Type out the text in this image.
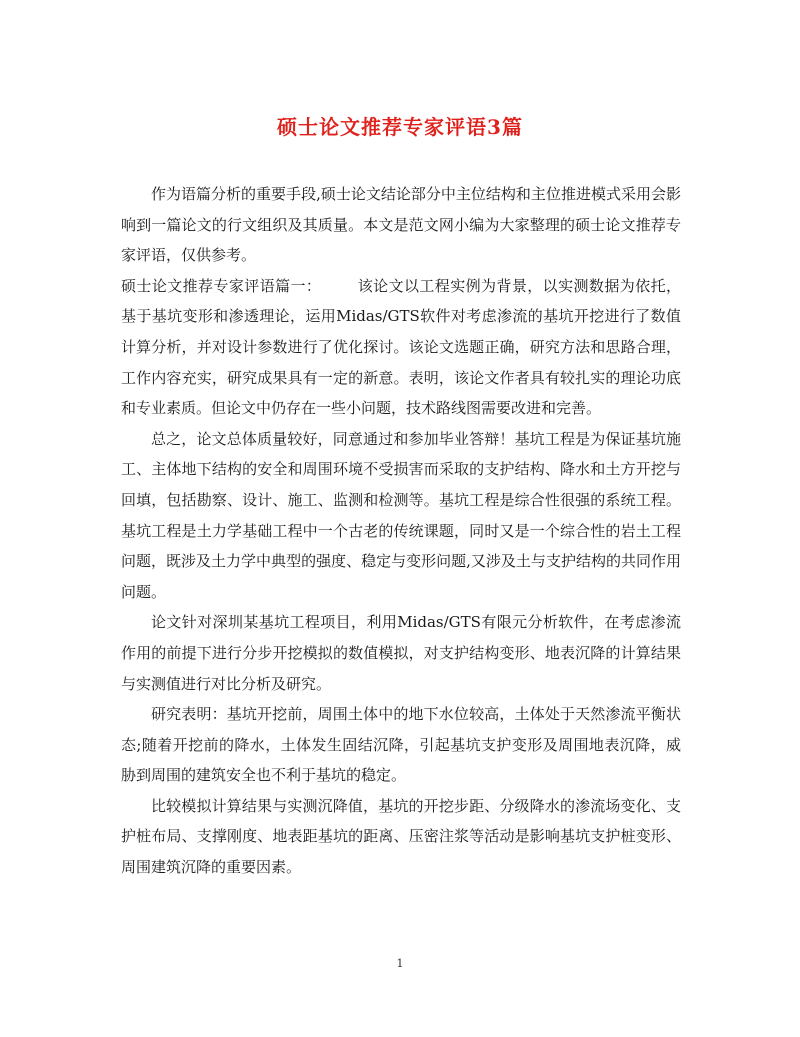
硕士论文推荐专家评语3篇

作为语篇分析的重要手段,硕士论文结论部分中主位结构和主位推进模式采用会影响到一篇论文的行文组织及其质量。本文是范文网小编为大家整理的硕士论文推荐专家评语，仅供参考。

硕士论文推荐专家评语篇一： 该论文以工程实例为背景，以实测数据为依托，基于基坑变形和渗透理论，运用Midas/GTS软件对考虑渗流的基坑开挖进行了数值计算分析，并对设计参数进行了优化探讨。该论文选题正确，研究方法和思路合理，工作内容充实，研究成果具有一定的新意。表明，该论文作者具有较扎实的理论功底和专业素质。但论文中仍存在一些小问题，技术路线图需要改进和完善。

总之，论文总体质量较好，同意通过和参加毕业答辩！基坑工程是为保证基坑施工、主体地下结构的安全和周围环境不受损害而采取的支护结构、降水和土方开挖与回填，包括勘察、设计、施工、监测和检测等。基坑工程是综合性很强的系统工程。 基坑工程是土力学基础工程中一个古老的传统课题，同时又是一个综合性的岩土工程问题，既涉及土力学中典型的强度、稳定与变形问题,又涉及土与支护结构的共同作用问题。

论文针对深圳某基坑工程项目，利用Midas/GTS有限元分析软件，在考虑渗流作用的前提下进行分步开挖模拟的数值模拟，对支护结构变形、地表沉降的计算结果与实测值进行对比分析及研究。

研究表明：基坑开挖前，周围土体中的地下水位较高，土体处于天然渗流平衡状态;随着开挖前的降水，土体发生固结沉降，引起基坑支护变形及周围地表沉降，威胁到周围的建筑安全也不利于基坑的稳定。

比较模拟计算结果与实测沉降值，基坑的开挖步距、分级降水的渗流场变化、支护桩布局、支撑刚度、地表距基坑的距离、压密注浆等活动是影响基坑支护桩变形、周围建筑沉降的重要因素。

1
